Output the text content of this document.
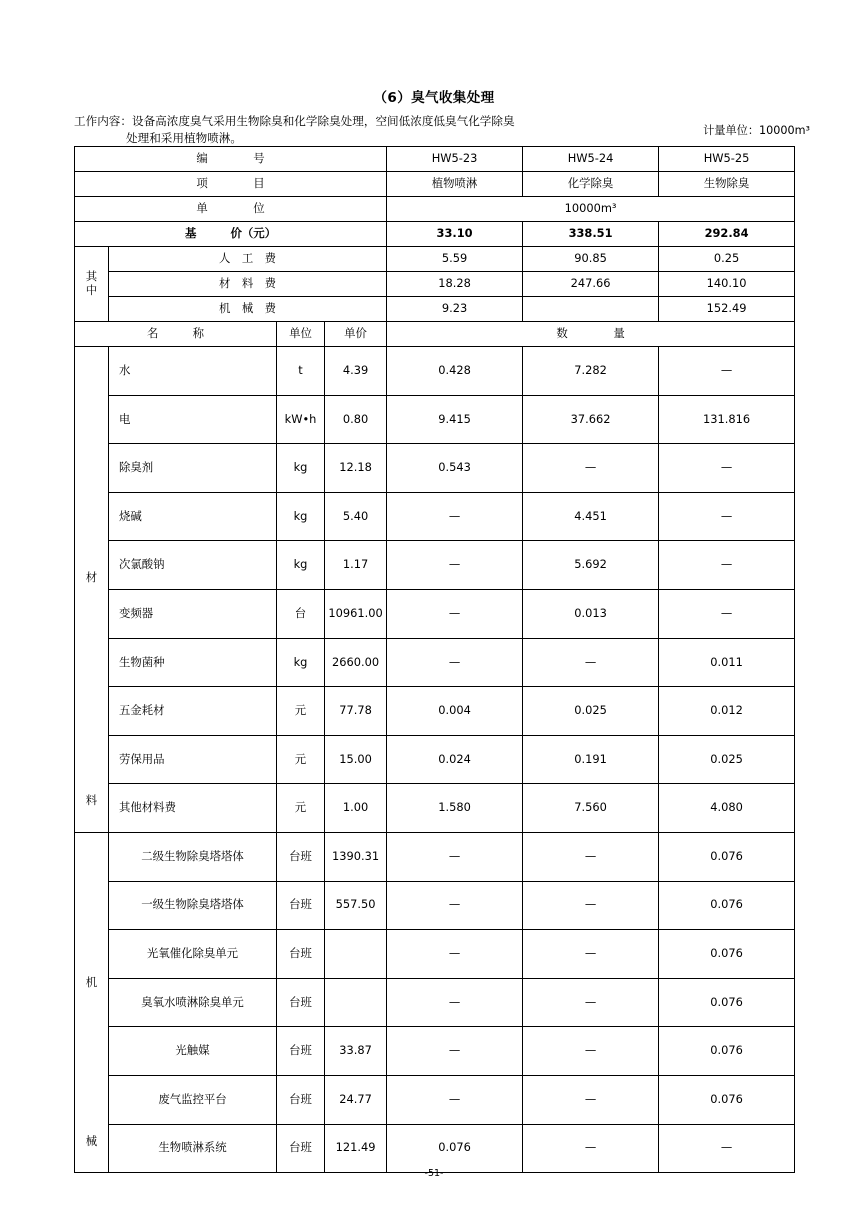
（6）臭气收集处理
工作内容：设备高浓度臭气采用生物除臭和化学除臭处理，空间低浓度低臭气化学除臭
处理和采用植物喷淋。
计量单位：10000m³
编　　　　号				HW5-23	HW5-24	HW5-25
项　　　　目				植物喷淋	化学除臭	生物除臭
单　　　　位				10000m³		
基　　　价（元）				33.10	338.51	292.84
其
中	人　工　费			5.59	90.85	0.25
	材　料　费			18.28	247.66	140.10
	机　械　费			9.23		152.49
名　　　称		单位	单价	数　　　　量		

材
料	水	t	4.39	0.428	7.282	—
	电	kW•h	0.80	9.415	37.662	131.816
	除臭剂	kg	12.18	0.543	—	—
	烧碱	kg	5.40	—	4.451	—
	次氯酸钠	kg	1.17	—	5.692	—
	变频器	台	10961.00	—	0.013	—
	生物菌种	kg	2660.00	—	—	0.011
	五金耗材	元	77.78	0.004	0.025	0.012
	劳保用品	元	15.00	0.024	0.191	0.025
	其他材料费	元	1.00	1.580	7.560	4.080

机
械	二级生物除臭塔塔体	台班	1390.31	—	—	0.076
	一级生物除臭塔塔体	台班	557.50	—	—	0.076
	光氧催化除臭单元	台班		—	—	0.076
	臭氧水喷淋除臭单元	台班		—	—	0.076
	光触媒	台班	33.87	—	—	0.076
	废气监控平台	台班	24.77	—	—	0.076
	生物喷淋系统	台班	121.49	0.076	—	—
-51-
